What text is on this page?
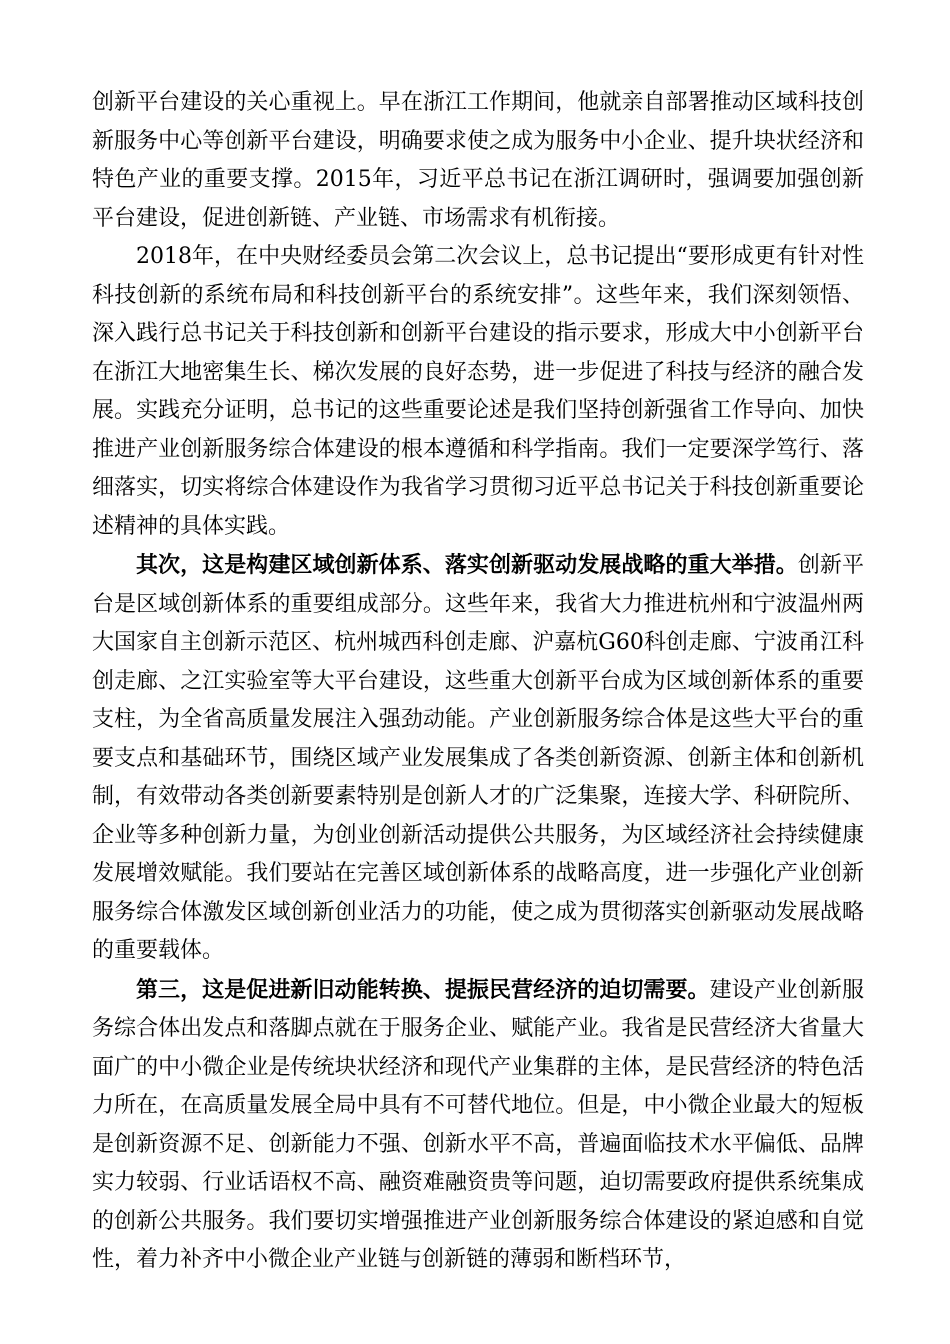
创新平台建设的关心重视上。早在浙江工作期间，他就亲自部署推动区域科技创新服务中心等创新平台建设，明确要求使之成为服务中小企业、提升块状经济和特色产业的重要支撑。2015年，习近平总书记在浙江调研时，强调要加强创新平台建设，促进创新链、产业链、市场需求有机衔接。

2018年，在中央财经委员会第二次会议上，总书记提出“要形成更有针对性科技创新的系统布局和科技创新平台的系统安排”。这些年来，我们深刻领悟、深入践行总书记关于科技创新和创新平台建设的指示要求，形成大中小创新平台在浙江大地密集生长、梯次发展的良好态势，进一步促进了科技与经济的融合发展。实践充分证明，总书记的这些重要论述是我们坚持创新强省工作导向、加快推进产业创新服务综合体建设的根本遵循和科学指南。我们一定要深学笃行、落细落实，切实将综合体建设作为我省学习贯彻习近平总书记关于科技创新重要论述精神的具体实践。

其次，这是构建区域创新体系、落实创新驱动发展战略的重大举措。创新平台是区域创新体系的重要组成部分。这些年来，我省大力推进杭州和宁波温州两大国家自主创新示范区、杭州城西科创走廊、沪嘉杭G60科创走廊、宁波甬江科创走廊、之江实验室等大平台建设，这些重大创新平台成为区域创新体系的重要支柱，为全省高质量发展注入强劲动能。产业创新服务综合体是这些大平台的重要支点和基础环节，围绕区域产业发展集成了各类创新资源、创新主体和创新机制，有效带动各类创新要素特别是创新人才的广泛集聚，连接大学、科研院所、企业等多种创新力量，为创业创新活动提供公共服务，为区域经济社会持续健康发展增效赋能。我们要站在完善区域创新体系的战略高度，进一步强化产业创新服务综合体激发区域创新创业活力的功能，使之成为贯彻落实创新驱动发展战略的重要载体。

第三，这是促进新旧动能转换、提振民营经济的迫切需要。建设产业创新服务综合体出发点和落脚点就在于服务企业、赋能产业。我省是民营经济大省量大面广的中小微企业是传统块状经济和现代产业集群的主体，是民营经济的特色活力所在，在高质量发展全局中具有不可替代地位。但是，中小微企业最大的短板是创新资源不足、创新能力不强、创新水平不高，普遍面临技术水平偏低、品牌实力较弱、行业话语权不高、融资难融资贵等问题，迫切需要政府提供系统集成的创新公共服务。我们要切实增强推进产业创新服务综合体建设的紧迫感和自觉性，着力补齐中小微企业产业链与创新链的薄弱和断档环节，
